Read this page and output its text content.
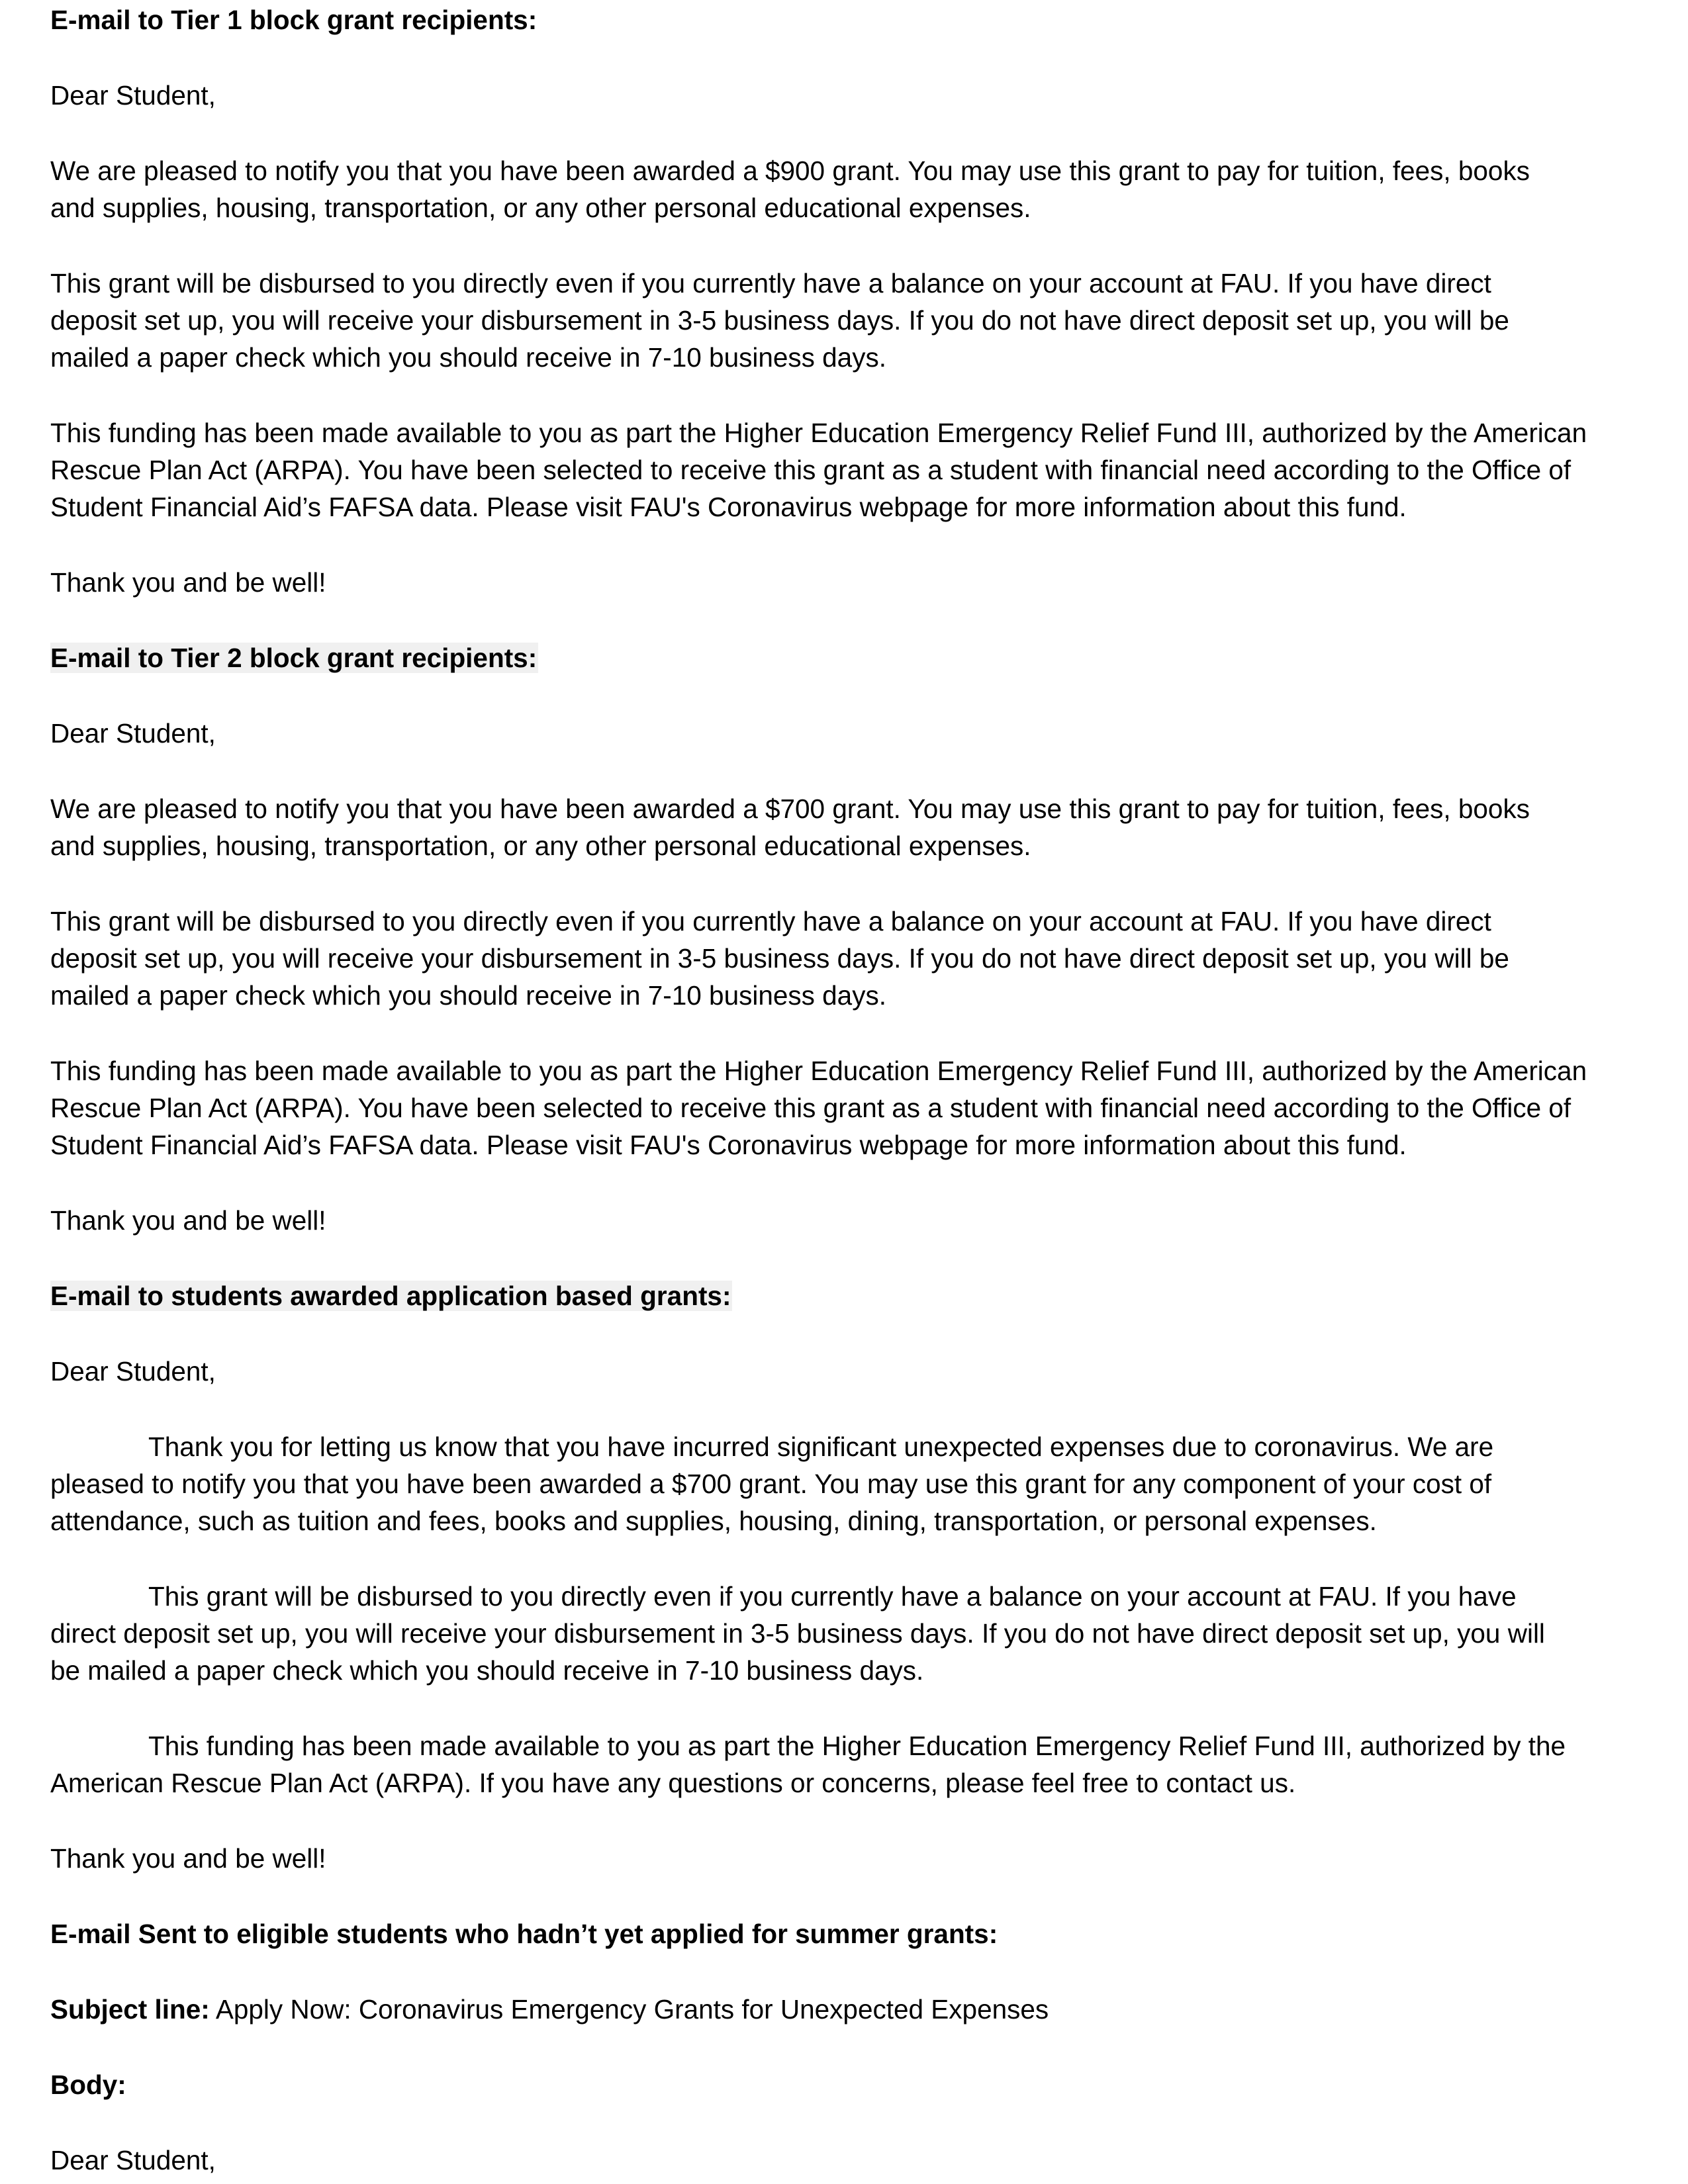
E-mail to Tier 1 block grant recipients:
Dear Student,
We are pleased to notify you that you have been awarded a $900 grant. You may use this grant to pay for tuition, fees, books
and supplies, housing, transportation, or any other personal educational expenses.
This grant will be disbursed to you directly even if you currently have a balance on your account at FAU. If you have direct
deposit set up, you will receive your disbursement in 3-5 business days. If you do not have direct deposit set up, you will be
mailed a paper check which you should receive in 7-10 business days.
This funding has been made available to you as part the Higher Education Emergency Relief Fund III, authorized by the American
Rescue Plan Act (ARPA). You have been selected to receive this grant as a student with financial need according to the Office of
Student Financial Aid’s FAFSA data. Please visit FAU's Coronavirus webpage for more information about this fund.
Thank you and be well!
E-mail to Tier 2 block grant recipients:
Dear Student,
We are pleased to notify you that you have been awarded a $700 grant. You may use this grant to pay for tuition, fees, books
and supplies, housing, transportation, or any other personal educational expenses.
This grant will be disbursed to you directly even if you currently have a balance on your account at FAU. If you have direct
deposit set up, you will receive your disbursement in 3-5 business days. If you do not have direct deposit set up, you will be
mailed a paper check which you should receive in 7-10 business days.
This funding has been made available to you as part the Higher Education Emergency Relief Fund III, authorized by the American
Rescue Plan Act (ARPA). You have been selected to receive this grant as a student with financial need according to the Office of
Student Financial Aid’s FAFSA data. Please visit FAU's Coronavirus webpage for more information about this fund.
Thank you and be well!
E-mail to students awarded application based grants:
Dear Student,
Thank you for letting us know that you have incurred significant unexpected expenses due to coronavirus. We are
pleased to notify you that you have been awarded a $700 grant. You may use this grant for any component of your cost of
attendance, such as tuition and fees, books and supplies, housing, dining, transportation, or personal expenses.
This grant will be disbursed to you directly even if you currently have a balance on your account at FAU. If you have
direct deposit set up, you will receive your disbursement in 3-5 business days. If you do not have direct deposit set up, you will
be mailed a paper check which you should receive in 7-10 business days.
This funding has been made available to you as part the Higher Education Emergency Relief Fund III, authorized by the
American Rescue Plan Act (ARPA). If you have any questions or concerns, please feel free to contact us.
Thank you and be well!
E-mail Sent to eligible students who hadn’t yet applied for summer grants:
Subject line: Apply Now: Coronavirus Emergency Grants for Unexpected Expenses
Body:
Dear Student,
